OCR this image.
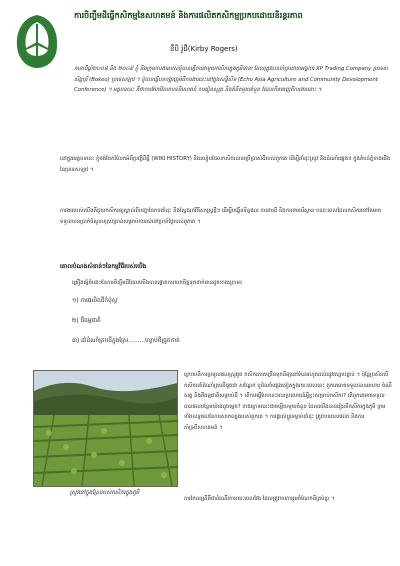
ការចិញ្ចឹមដីធ្វើកសិកម្មនៃសហគមន៍ និងការផលិតកសិកម្មប្រកបដោយនិរន្តរភាព
ខឹបិ រ៉ូជឺ(Kirby Rogers)
កាលពីឆ្នាំ២០០៨ និង ២០០៩ ខ្ញុំ និងក្រុមការងាររបស់ខ្ញុំបានធ្វើការជាមួយកសិករក្នុងភូមិនានា ដែលត្រូវបានគាំទ្រដោយអង្គការ XP Trading Company ប្រទេសសិង្ហបុរី (Bokeo) ប្រទេសឡាវ ។ ខ្ញុំបានធ្វើបទបង្ហាញអំពីការងារនេះនៅក្នុងសន្និសីទ (Echo Asia Agriculture and Community Development Conference) ។ អត្ថបទនេះ គឺជាការចែករំលែកបទពិសោធន៍ ការរៀនសូត្រ និងគំនិតមួយចំនួន ដែលកើតចេញពីការងារនោះ ។
នៅក្នុងអត្ថបទនេះ ខ្ញុំចង់ចែករំលែកអំពីប្រវត្តិដីធ្លី (WIKI HISTORY) និងរបៀបដែលកសិករបានប្រើប្រាស់ដីរបស់ពួកគេ ដើម្បីដាំដុះស្រូវ និងដំណាំផ្សេងៗ ក្នុងតំបន់ភ្នំខាងជើងនៃប្រទេសឡាវ ។
ការងាររបស់យើងគឺជួយកសិករឲ្យស្គាល់ពីបញ្ហានៃការដាំដុះ និងស្វែងរកវិធីសាស្រ្តថ្មីៗ ដើម្បីបង្កើនទិន្នផល ការពារដី និងការពារបរិស្ថាន ខណៈពេលដែលកសិករនៅតែអាចទទួលបានប្រាក់ចំណូលគ្រប់គ្រាន់សម្រាប់ការរស់នៅប្រចាំថ្ងៃរបស់ពួកគេ ។
គោលបំណងសំខាន់ៗនៃកម្មវិធីរបស់យើង
គ្រឿងផ្សំចំបងៗនៃការចិញ្ចឹមដីដែលយើងបានផ្តោតការយកចិត្តទុកដាក់មានដូចខាងក្រោម៖
១) ការផលិតជីកំប៉ុស្ត
២) ជីធម្មជាតិ
៣) ដាំដំណាំគ្របដីក្នុងស្រែ.........បន្ទាប់ពីច្រូតកាត់
ស្រូវនៅក្នុងស្រែរបស់កសិករក្នុងភូមិ
ក្រោយពីការប្រមូលផលស្រូវរួច កសិករភាគច្រើនទុកដីឲ្យនៅទំនេររហូតដល់រដូវវស្សាបន្ទាប់ ។ ប៉ុន្តែប្រសិនបើកសិករដាំដំណាំគ្របដីដូចជា សណ្តែក ឬដំណាំផ្សេងទៀតក្នុងរយៈពេលនេះ ពួកគេអាចទទួលបានអាហារ ចំណីសត្វ និងជីធម្មជាតិសម្រាប់ដី ។ តើការធ្វើបែបនេះមានប្រយោជន៍អ្វីខ្លះសម្រាប់កសិករ? តើពួកគេអាចទទួលបានផលបន្ថែមយ៉ាងដូចម្តេច? ខាងក្រោមនេះជាចម្លើយមួយចំនួន ដែលយើងបានរៀនពីកសិករក្នុងភូមិ ព្រមទាំងលទ្ធផលនៃការសាកល្បងរបស់ពួកគេ ។ ការផ្លាស់ប្តូរទម្លាប់ដាំដុះ ត្រូវការពេលវេលា និងការគាំទ្រពីសហគមន៍ ។
ការកែលម្អដីគឺជាដំណើរការរយៈពេលវែង ដែលត្រូវការការរួមចំណែកពីគ្រប់គ្នា ។
